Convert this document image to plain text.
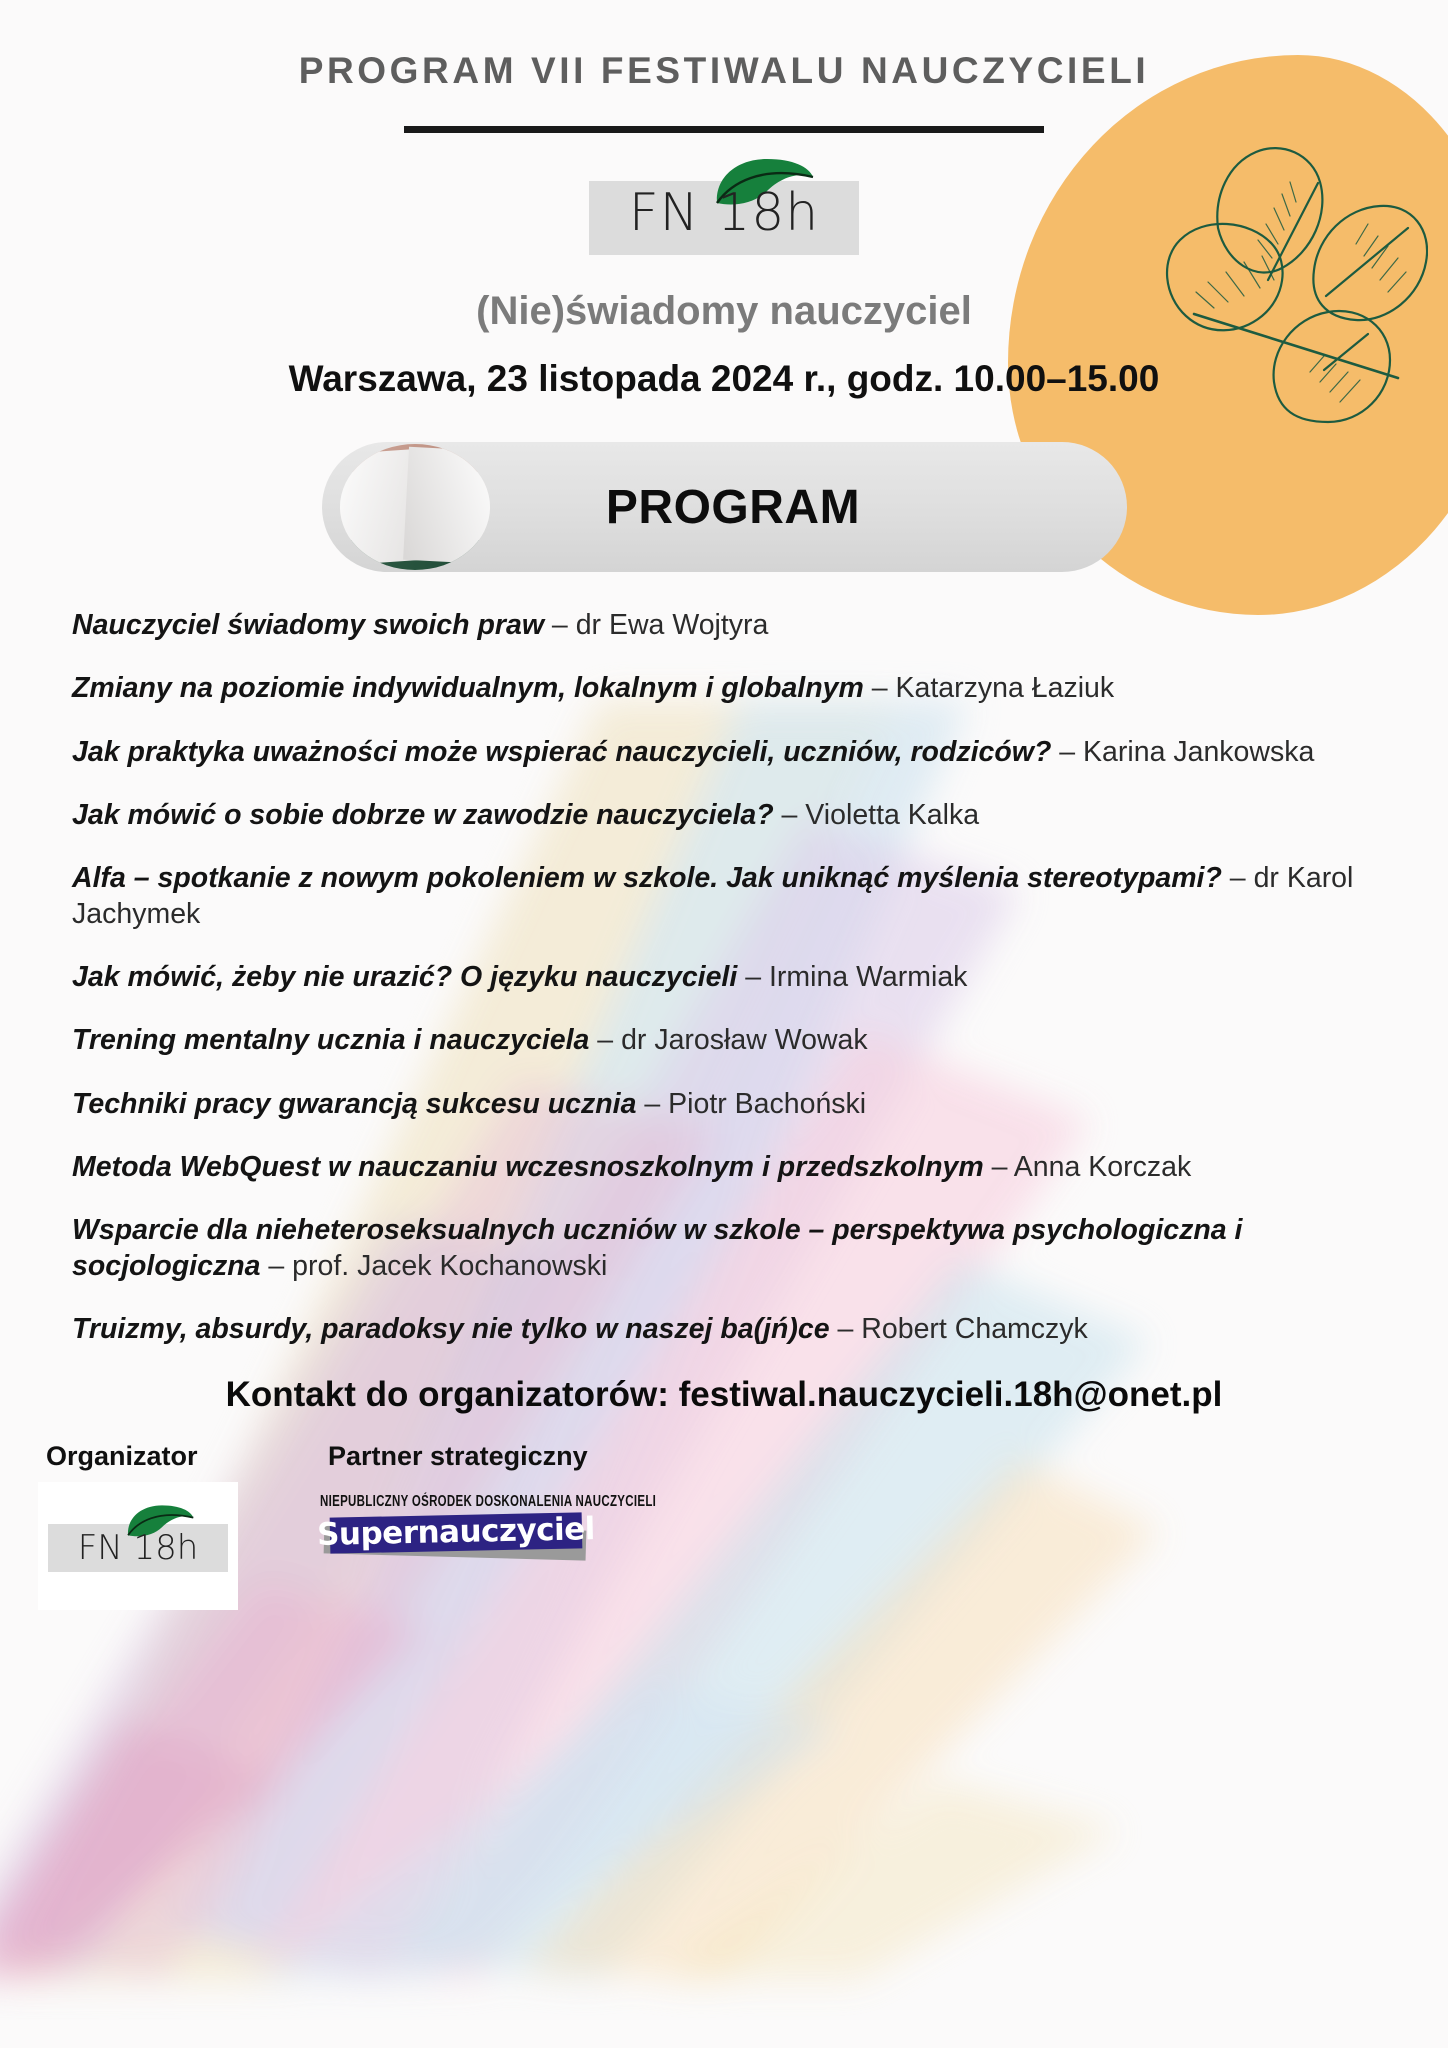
PROGRAM VII FESTIWALU NAUCZYCIELI
FN 18h
(Nie)świadomy nauczyciel
Warszawa, 23 listopada 2024 r., godz. 10.00–15.00
PROGRAM
Nauczyciel świadomy swoich praw – dr Ewa Wojtyra
Zmiany na poziomie indywidualnym, lokalnym i globalnym – Katarzyna Łaziuk
Jak praktyka uważności może wspierać nauczycieli, uczniów, rodziców? – Karina Jankowska
Jak mówić o sobie dobrze w zawodzie nauczyciela? – Violetta Kalka
Alfa – spotkanie z nowym pokoleniem w szkole. Jak uniknąć myślenia stereotypami? – dr Karol Jachymek
Jak mówić, żeby nie urazić? O języku nauczycieli – Irmina Warmiak
Trening mentalny ucznia i nauczyciela – dr Jarosław Wowak
Techniki pracy gwarancją sukcesu ucznia – Piotr Bachoński
Metoda WebQuest w nauczaniu wczesnoszkolnym i przedszkolnym – Anna Korczak
Wsparcie dla nieheteroseksualnych uczniów w szkole – perspektywa psychologiczna i socjologiczna – prof. Jacek Kochanowski
Truizmy, absurdy, paradoksy nie tylko w naszej ba(jń)ce – Robert Chamczyk
Kontakt do organizatorów: festiwal.nauczycieli.18h@onet.pl
Organizator
FN 18h
Partner strategiczny
NIEPUBLICZNY OŚRODEK DOSKONALENIA NAUCZYCIELI
Supernauczyciel
